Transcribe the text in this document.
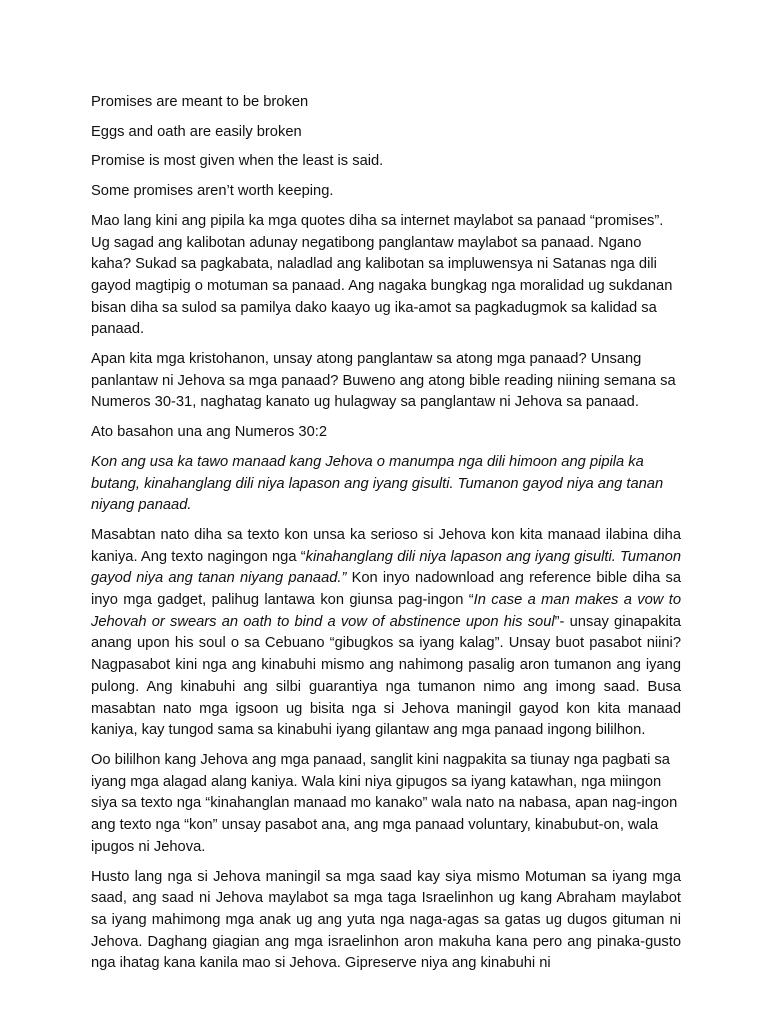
Promises are meant to be broken

Eggs and oath are easily broken

Promise is most given when the least is said.

Some promises aren’t worth keeping.

Mao lang kini ang pipila ka mga quotes diha sa internet maylabot sa panaad “promises”. Ug sagad ang kalibotan adunay negatibong panglantaw maylabot sa panaad. Ngano kaha? Sukad sa pagkabata, naladlad ang kalibotan sa impluwensya ni Satanas nga dili gayod magtipig o motuman sa panaad. Ang nagaka bungkag nga moralidad ug sukdanan bisan diha sa sulod sa pamilya dako kaayo ug ika-amot sa pagkadugmok sa kalidad sa panaad.

Apan kita mga kristohanon, unsay atong panglantaw sa atong mga panaad? Unsang panlantaw ni Jehova sa mga panaad? Buweno ang atong bible reading niining semana sa Numeros 30-31, naghatag kanato ug hulagway sa panglantaw ni Jehova sa panaad.

Ato basahon una ang Numeros 30:2

Kon ang usa ka tawo manaad kang Jehova o manumpa nga dili himoon ang pipila ka butang, kinahanglang dili niya lapason ang iyang gisulti. Tumanon gayod niya ang tanan niyang panaad.

Masabtan nato diha sa texto kon unsa ka serioso si Jehova kon kita manaad ilabina diha kaniya. Ang texto nagingon nga “kinahanglang dili niya lapason ang iyang gisulti. Tumanon gayod niya ang tanan niyang panaad.” Kon inyo nadownload ang reference bible diha sa inyo mga gadget, palihug lantawa kon giunsa pag-ingon “In case a man makes a vow to Jehovah or swears an oath to bind a vow of abstinence upon his soul”- unsay ginapakita anang upon his soul o sa Cebuano “gibugkos sa iyang kalag”. Unsay buot pasabot niini? Nagpasabot kini nga ang kinabuhi mismo ang nahimong pasalig aron tumanon ang iyang pulong. Ang kinabuhi ang silbi guarantiya nga tumanon nimo ang imong saad. Busa masabtan nato mga igsoon ug bisita nga si Jehova maningil gayod kon kita manaad kaniya, kay tungod sama sa kinabuhi iyang gilantaw ang mga panaad ingong bililhon.

Oo bililhon kang Jehova ang mga panaad, sanglit kini nagpakita sa tiunay nga pagbati sa iyang mga alagad alang kaniya. Wala kini niya gipugos sa iyang katawhan, nga miingon siya sa texto nga “kinahanglan manaad mo kanako” wala nato na nabasa, apan nag-ingon ang texto nga “kon” unsay pasabot ana, ang mga panaad voluntary, kinabubut-on, wala ipugos ni Jehova.

Husto lang nga si Jehova maningil sa mga saad kay siya mismo Motuman sa iyang mga saad, ang saad ni Jehova maylabot sa mga taga Israelinhon ug kang Abraham maylabot sa iyang mahimong mga anak ug ang yuta nga naga-agas sa gatas ug dugos gituman ni Jehova. Daghang giagian ang mga israelinhon aron makuha kana pero ang pinaka-gusto nga ihatag kana kanila mao si Jehova. Gipreserve niya ang kinabuhi ni
